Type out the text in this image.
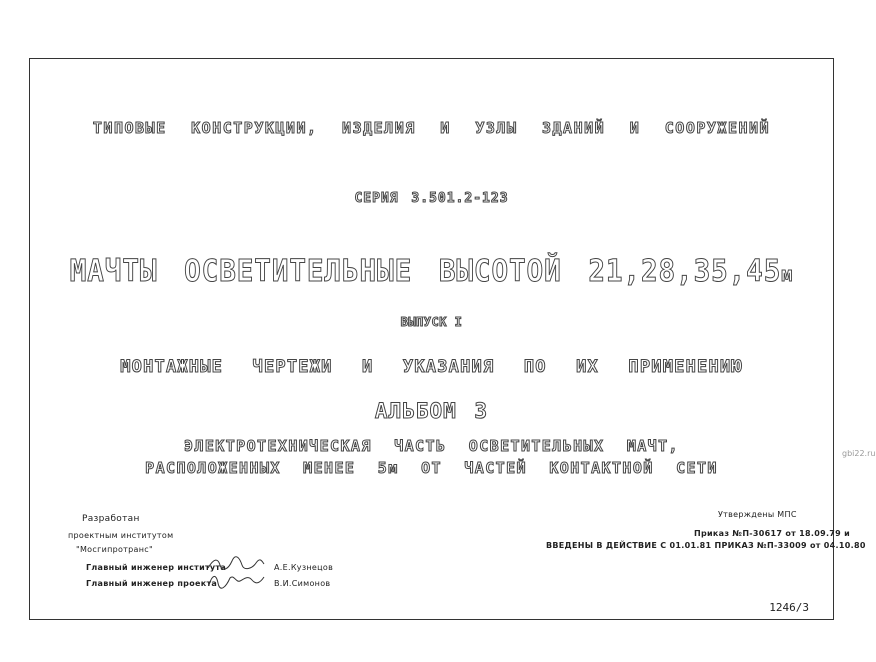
ТИПОВЫЕ КОНСТРУКЦИИ, ИЗДЕЛИЯ И УЗЛЫ ЗДАНИЙ И СООРУЖЕНИЙ
СЕРИЯ 3.501.2-123
МАЧТЫ ОСВЕТИТЕЛЬНЫЕ ВЫСОТОЙ 21,28,35,45м
ВЫПУСК I
МОНТАЖНЫЕ ЧЕРТЕЖИ И УКАЗАНИЯ ПО ИХ ПРИМЕНЕНИЮ
АЛЬБОМ 3
ЭЛЕКТРОТЕХНИЧЕСКАЯ ЧАСТЬ ОСВЕТИТЕЛЬНЫХ МАЧТ,
РАСПОЛОЖЕННЫХ МЕНЕЕ 5м ОТ ЧАСТЕЙ КОНТАКТНОЙ СЕТИ
Разработан
проектным институтом
"Мосгипротранс"
Главный инженер института	А.Е.Кузнецов
Главный инженер проекта	В.И.Симонов
Утверждены МПС
Приказ №П-30617 от 18.09.79 и
ВВЕДЕНЫ В ДЕЙСТВИЕ С 01.01.81 ПРИКАЗ №П-33009 от 04.10.80
1246/3
gbi22.ru
